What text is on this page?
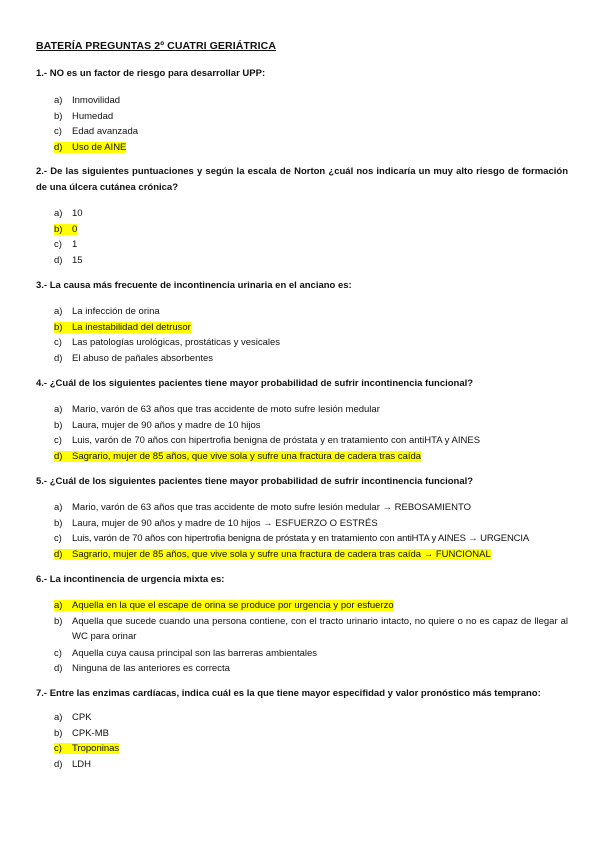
BATERÍA PREGUNTAS 2º CUATRI GERIÁTRICA
1.- NO es un factor de riesgo para desarrollar UPP:
a) Inmovilidad
b) Humedad
c) Edad avanzada
d) Uso de AINE
2.- De las siguientes puntuaciones y según la escala de Norton ¿cuál nos indicaría un muy alto riesgo de formación de una úlcera cutánea crónica?
a) 10
b) 0
c) 1
d) 15
3.- La causa más frecuente de incontinencia urinaria en el anciano es:
a) La infección de orina
b) La inestabilidad del detrusor
c) Las patologías urológicas, prostáticas y vesicales
d) El abuso de pañales absorbentes
4.- ¿Cuál de los siguientes pacientes tiene mayor probabilidad de sufrir incontinencia funcional?
a) Mario, varón de 63 años que tras accidente de moto sufre lesión medular
b) Laura, mujer de 90 años y madre de 10 hijos
c) Luis, varón de 70 años con hipertrofia benigna de próstata y en tratamiento con antiHTA y AINES
d) Sagrario, mujer de 85 años, que vive sola y sufre una fractura de cadera tras caída
5.- ¿Cuál de los siguientes pacientes tiene mayor probabilidad de sufrir incontinencia funcional?
a) Mario, varón de 63 años que tras accidente de moto sufre lesión medular → REBOSAMIENTO
b) Laura, mujer de 90 años y madre de 10 hijos → ESFUERZO O ESTRÉS
c) Luis, varón de 70 años con hipertrofia benigna de próstata y en tratamiento con antiHTA y AINES → URGENCIA
d) Sagrario, mujer de 85 años, que vive sola y sufre una fractura de cadera tras caída → FUNCIONAL
6.- La incontinencia de urgencia mixta es:
a) Aquella en la que el escape de orina se produce por urgencia y por esfuerzo
b)	Aquella que sucede cuando una persona contiene, con el tracto urinario intacto, no quiere o no es capaz de llegar al WC para orinar
c) Aquella cuya causa principal son las barreras ambientales
d) Ninguna de las anteriores es correcta
7.- Entre las enzimas cardíacas, indica cuál es la que tiene mayor especifidad y valor pronóstico más temprano:
a) CPK
b) CPK-MB
c) Troponinas
d) LDH
